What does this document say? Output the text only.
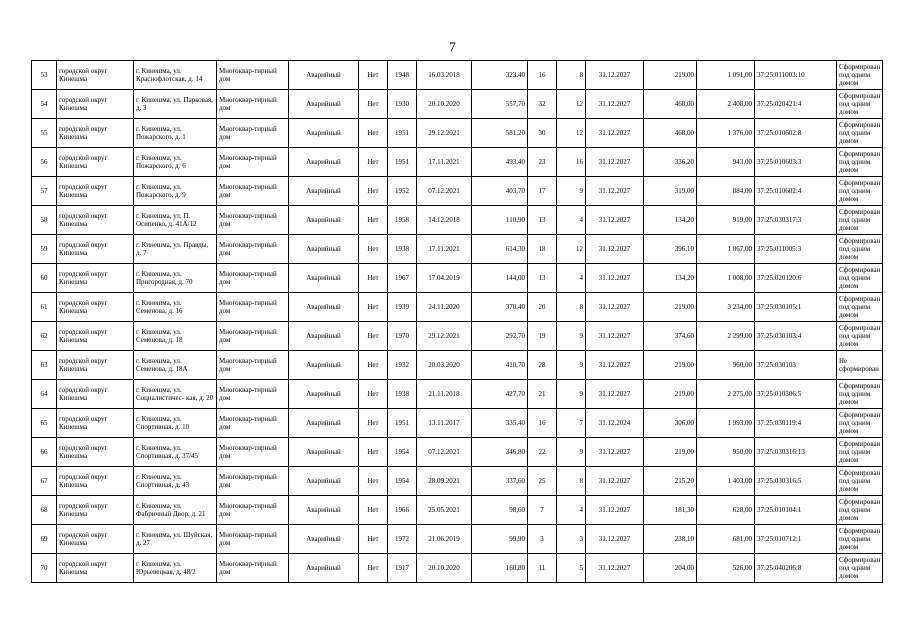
7
53	городской округ Кинешма	г. Кинешма, ул. Краснофлотская, д. 14	Многоквар-тирный дом	Аварийный	Нет	1948	16.03.2018	323,40	16	8	31.12.2027	219,00	1 091,00	37:25:011003:10	Сформирован под одним домом
54	городской округ Кинешма	г. Кинешма, ул. Парковая, д. 3	Многоквар-тирный дом	Аварийный	Нет	1930	20.10.2020	557,70	32	12	31.12.2027	468,00	2 408,00	37:25:020421:4	Сформирован под одним домом
55	городской округ Кинешма	г. Кинешма, ул. Пожарского, д. 1	Многоквар-тирный дом	Аварийный	Нет	1951	29.12.2021	581,20	30	12	31.12.2027	468,00	1 376,00	37:25:010602:8	Сформирован под одним домом
56	городской округ Кинешма	г. Кинешма, ул. Пожарского, д. 6	Многоквар-тирный дом	Аварийный	Нет	1951	17.11.2021	493,40	23	16	31.12.2027	336,20	943,00	37:25:010603:3	Сформирован под одним домом
57	городской округ Кинешма	г. Кинешма, ул. Пожарского, д. 9	Многоквар-тирный дом	Аварийный	Нет	1952	07.12.2021	403,70	17	9	31.12.2027	319,00	884,00	37:25:010602:4	Сформирован под одним домом
58	городской округ Кинешма	г. Кинешма, ул. П. Осипенко, д. 41А/12	Многоквар-тирный дом	Аварийный	Нет	1958	14.12.2018	110,90	13	4	31.12.2027	134,20	919,00	37:25:030317:3	Сформирован под одним домом
59	городской округ Кинешма	г. Кинешма, ул. Правды, д. 7	Многоквар-тирный дом	Аварийный	Нет	1938	17.11.2021	614,30	18	12	31.12.2027	396,10	1 867,00	37:25:011005:3	Сформирован под одним домом
60	городской округ Кинешма	г. Кинешма, ул. Пригородная, д. 70	Многоквар-тирный дом	Аварийный	Нет	1967	17.04.2019	144,00	13	4	31.12.2027	134,20	1 008,00	37:25:020120:6	Сформирован под одним домом
61	городской округ Кинешма	г. Кинешма, ул. Семенова, д. 16	Многоквар-тирный дом	Аварийный	Нет	1939	24.11.2020	370,40	20	8	31.12.2027	219,00	3 234,00	37:25:030105:1	Сформирован под одним домом
62	городской округ Кинешма	г. Кинешма, ул. Семенова, д. 18	Многоквар-тирный дом	Аварийный	Нет	1970	29.12.2021	292,70	19	9	31.12.2027	374,60	2 299,00	37:25:030103:4	Сформирован под одним домом
63	городской округ Кинешма	г. Кинешма, ул. Семенова, д. 18А	Многоквар-тирный дом	Аварийный	Нет	1932	20.03.2020	410,70	28	9	31.12.2027	219,00	960,00	37:25:030103	Не сформирован
64	городской округ Кинешма	г. Кинешма, ул. Социалистичес- кая, д. 20	Многоквар-тирный дом	Аварийный	Нет	1938	21.11.2018	427,70	21	9	31.12.2027	219,00	2 275,00	37:25:010306:5	Сформирован под одним домом
65	городской округ Кинешма	г. Кинешма, ул. Спортивная, д. 10	Многоквар-тирный дом	Аварийный	Нет	1951	13.11.2017	335,40	16	7	31.12.2024	306,00	1 993,00	37:25:030119:4	Сформирован под одним домом
66	городской округ Кинешма	г. Кинешма, ул. Спортивная, д. 37/45	Многоквар-тирный дом	Аварийный	Нет	1954	07.12.2021	346,80	22	9	31.12.2027	219,00	950,00	37:25:030316:13	Сформирован под одним домом
67	городской округ Кинешма	г. Кинешма, ул. Спортивная, д. 43	Многоквар-тирный дом	Аварийный	Нет	1954	28.09.2021	337,60	25	8	31.12.2027	215,20	1 403,00	37:25:030316:5	Сформирован под одним домом
68	городской округ Кинешма	г. Кинешма, ул. Фабричный Двор, д. 21	Многоквар-тирный дом	Аварийный	Нет	1966	25.05.2021	98,60	7	4	31.12.2027	181,30	628,00	37:25:010104:1	Сформирован под одним домом
69	городской округ Кинешма	г. Кинешма, ул. Шуйская, д. 27	Многоквар-тирный дом	Аварийный	Нет	1972	21.06.2019	99,90	3	3	31.12.2027	238,10	681,00	37:25:010712:1	Сформирован под одним домом
70	городской округ Кинешма	г. Кинешма, ул. Юрьевецкая, д. 48/2	Многоквар-тирный дом	Аварийный	Нет	1917	20.10.2020	160,80	11	5	31.12.2027	204,00	526,00	37:25:040206:8	Сформирован под одним домом
